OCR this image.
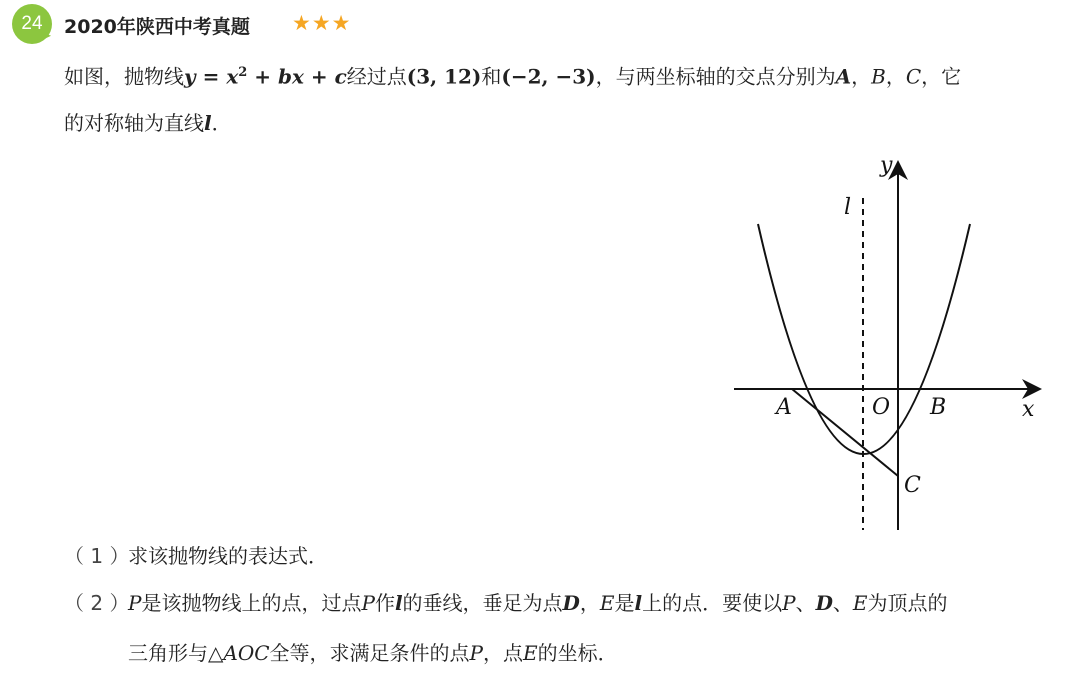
24 2020年陕西中考真题 ★★★
如图，抛物线$y = x^2$ + bx + c经过点(3, 12)和(−2, −3)，与两坐标轴的交点分别为A，B，C，它
的对称轴为直线l．
y
x
l
A	O B
C
（ 1 ）求该抛物线的表达式．
（ 2 ）P是该抛物线上的点，过点P作l的垂线，垂足为点D，E是l上的点．要使以P、D、E为顶点的
三角形与△AOC全等，求满足条件的点P，点E的坐标．
